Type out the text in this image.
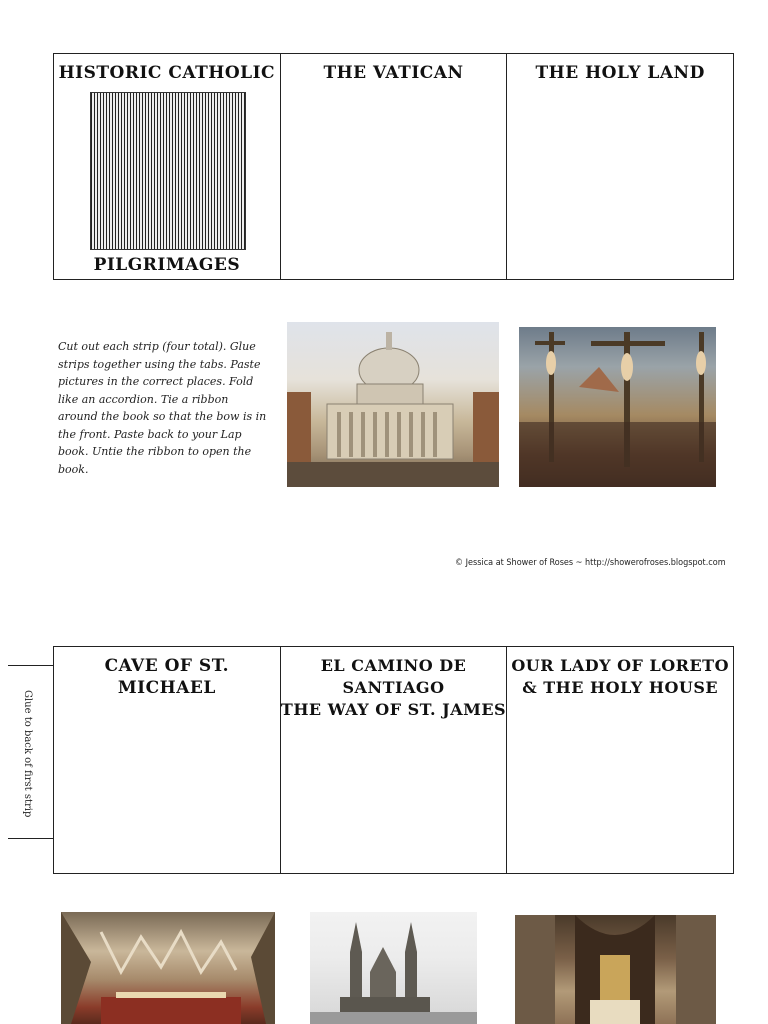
HISTORIC CATHOLIC
PILGRIMAGES
THE VATICAN	THE HOLY LAND
Cut out each strip (four total). Glue strips together using the tabs. Paste pictures in the correct places. Fold like an accordion. Tie a ribbon around the book so that the bow is in the front. Paste back to your Lap book. Untie the ribbon to open the book.
© Jessica at Shower of Roses ~ http://showerofroses.blogspot.com
Glue to back of first strip
CAVE OF ST. MICHAEL
EL CAMINO DE SANTIAGO
THE WAY OF ST. JAMES
OUR LADY OF LORETO
& THE HOLY HOUSE
